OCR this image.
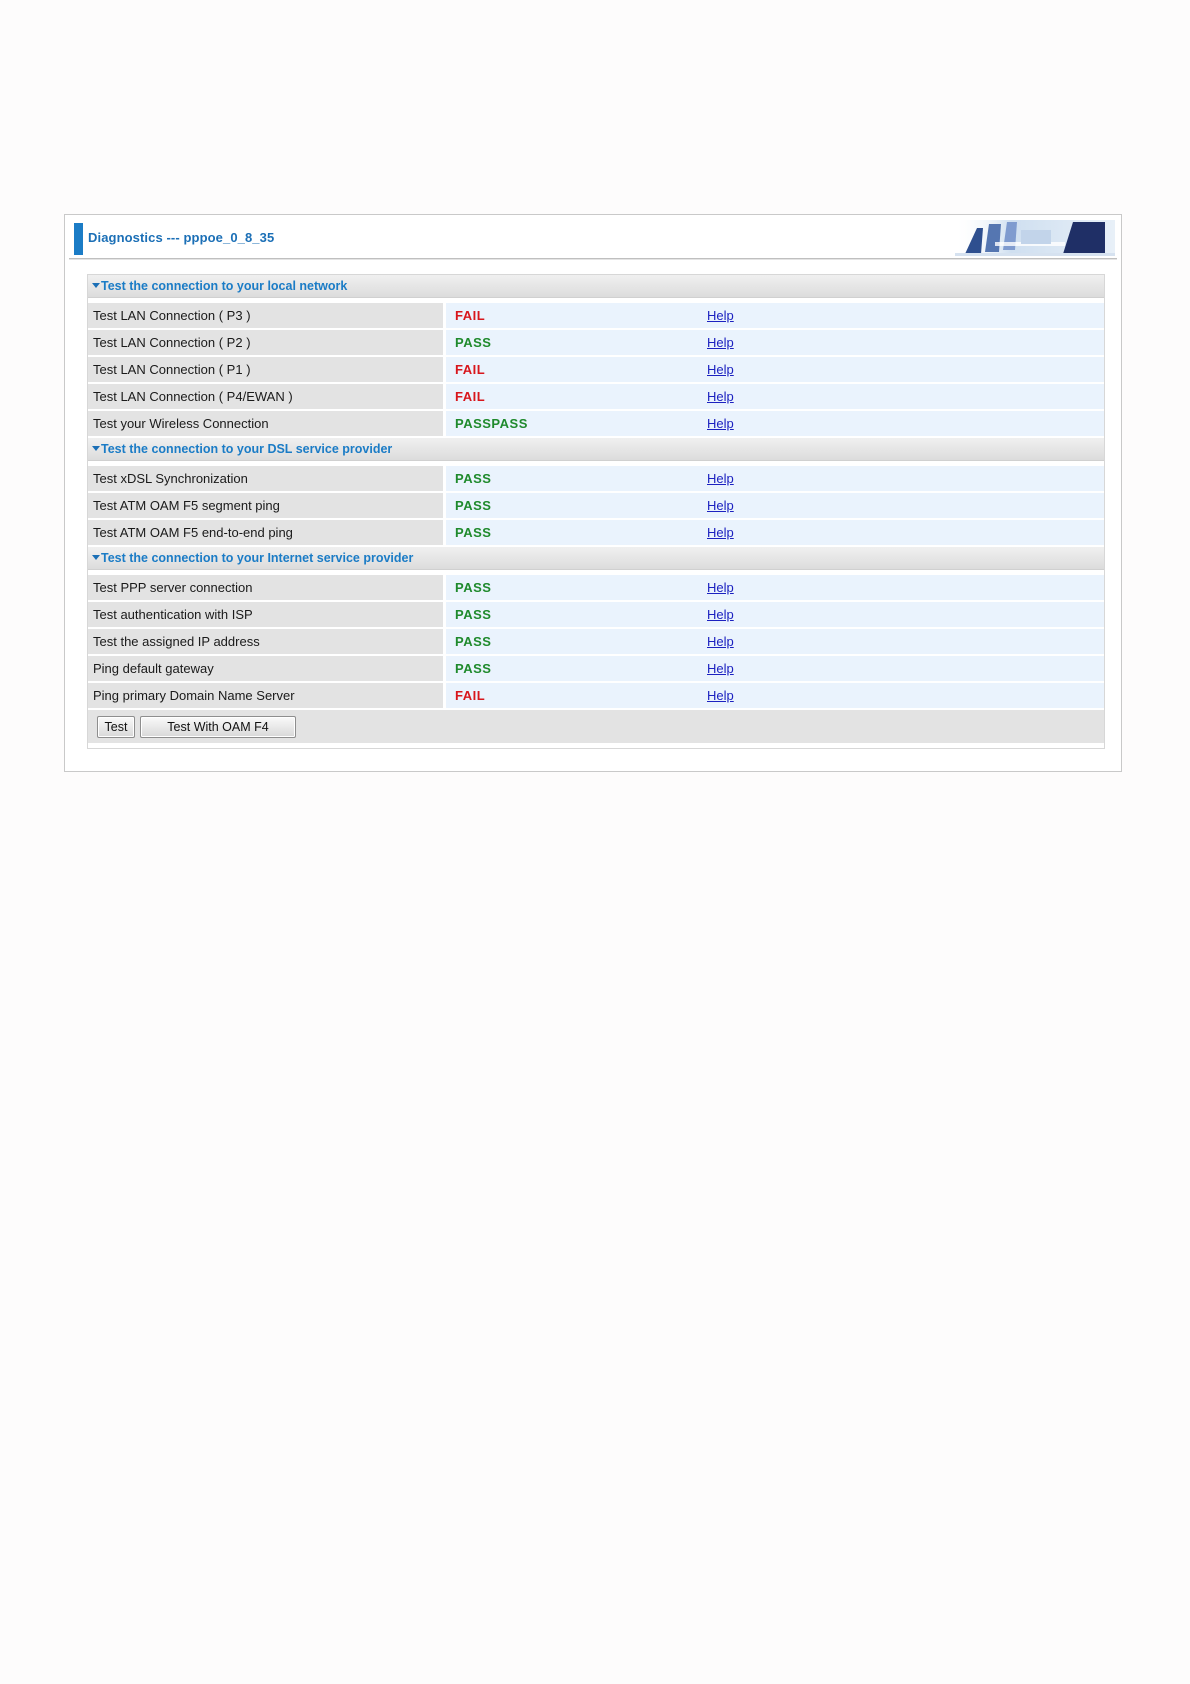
Diagnostics --- pppoe_0_8_35
Test the connection to your local network
Test LAN Connection ( P3 )	FAIL	Help
Test LAN Connection ( P2 )	PASS	Help
Test LAN Connection ( P1 )	FAIL	Help
Test LAN Connection ( P4/EWAN )	FAIL	Help
Test your Wireless Connection	PASSPASS	Help
Test the connection to your DSL service provider
Test xDSL Synchronization	PASS	Help
Test ATM OAM F5 segment ping	PASS	Help
Test ATM OAM F5 end-to-end ping	PASS	Help
Test the connection to your Internet service provider
Test PPP server connection	PASS	Help
Test authentication with ISP	PASS	Help
Test the assigned IP address	PASS	Help
Ping default gateway	PASS	Help
Ping primary Domain Name Server	FAIL	Help
Test	Test With OAM F4
